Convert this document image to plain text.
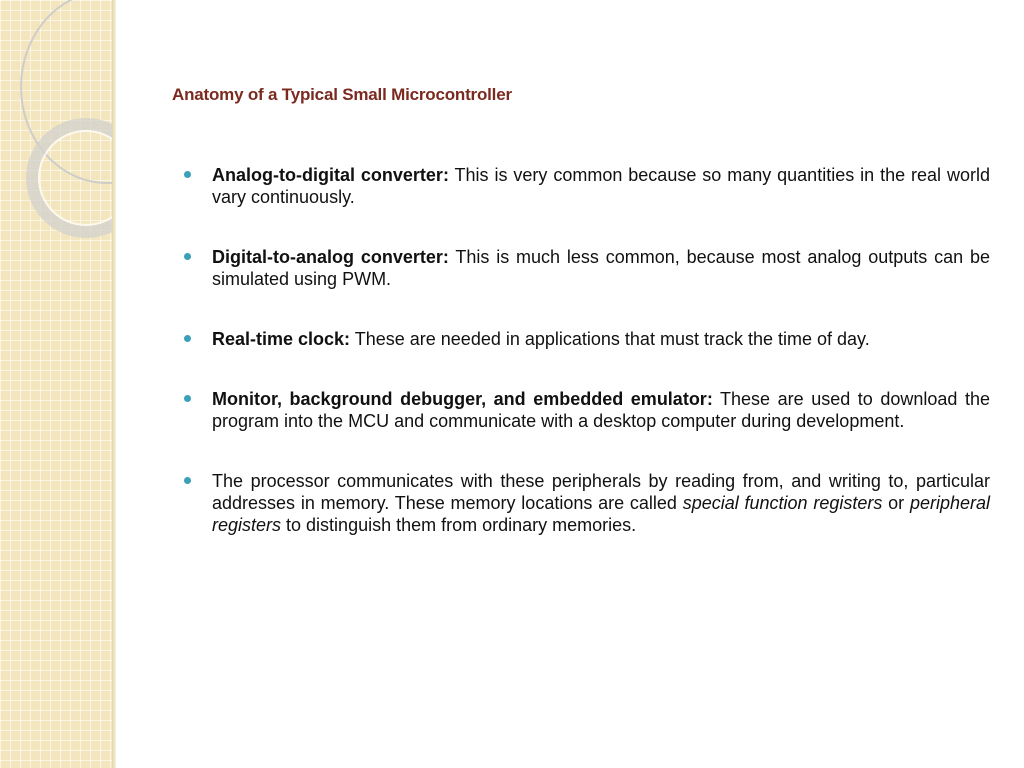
Anatomy of a Typical Small Microcontroller
Analog-to-digital converter: This is very common because so many quantities in the real world vary continuously.
Digital-to-analog converter: This is much less common, because most analog outputs can be simulated using PWM.
Real-time clock: These are needed in applications that must track the time of day.
Monitor, background debugger, and embedded emulator: These are used to download the program into the MCU and communicate with a desktop computer during development.
The processor communicates with these peripherals by reading from, and writing to, particular addresses in memory. These memory locations are called special function registers or peripheral registers to distinguish them from ordinary memories.
